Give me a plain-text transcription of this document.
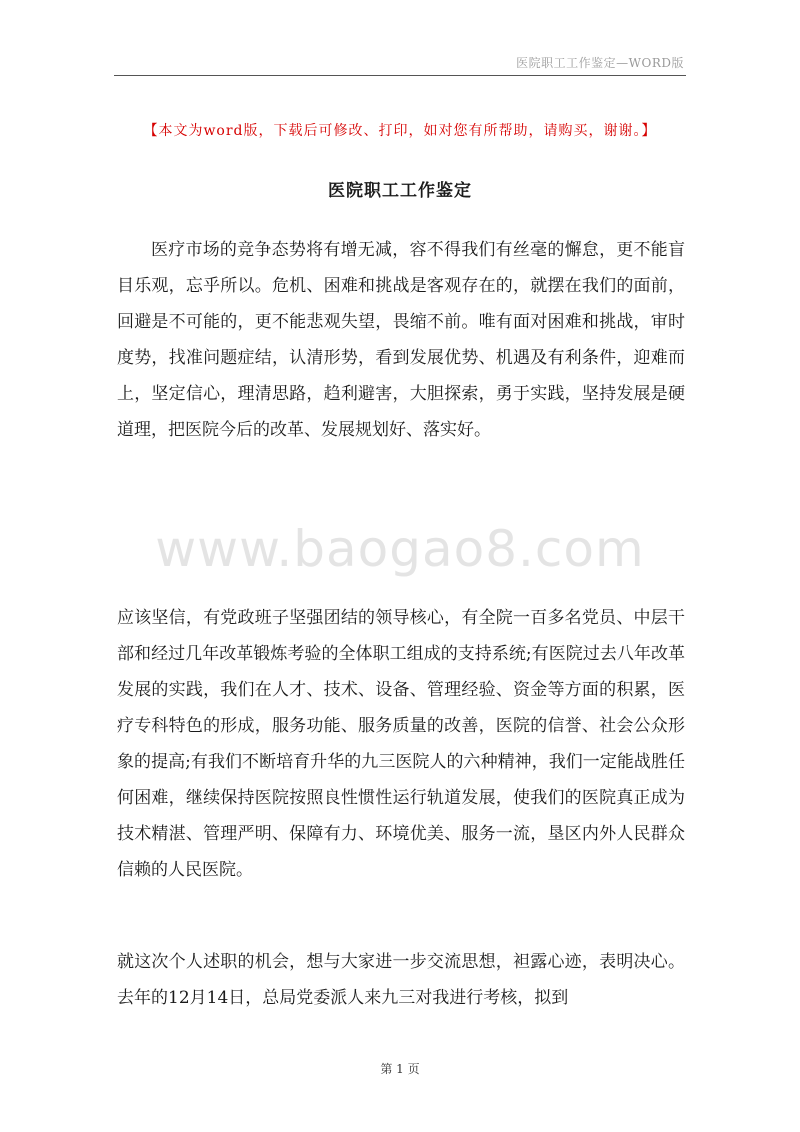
医院职工工作鉴定—WORD版
www.baogao8.com
【本文为word版，下载后可修改、打印，如对您有所帮助，请购买，谢谢。】
医院职工工作鉴定

医疗市场的竞争态势将有增无减，容不得我们有丝毫的懈怠，更不能盲目乐观，忘乎所以。危机、困难和挑战是客观存在的，就摆在我们的面前，回避是不可能的，更不能悲观失望，畏缩不前。唯有面对困难和挑战，审时度势，找准问题症结，认清形势，看到发展优势、机遇及有利条件，迎难而上，坚定信心，理清思路，趋利避害，大胆探索，勇于实践，坚持发展是硬道理，把医院今后的改革、发展规划好、落实好。

应该坚信，有党政班子坚强团结的领导核心，有全院一百多名党员、中层干部和经过几年改革锻炼考验的全体职工组成的支持系统;有医院过去八年改革发展的实践，我们在人才、技术、设备、管理经验、资金等方面的积累，医疗专科特色的形成，服务功能、服务质量的改善，医院的信誉、社会公众形象的提高;有我们不断培育升华的九三医院人的六种精神，我们一定能战胜任何困难，继续保持医院按照良性惯性运行轨道发展，使我们的医院真正成为技术精湛、管理严明、保障有力、环境优美、服务一流，垦区内外人民群众信赖的人民医院。

就这次个人述职的机会，想与大家进一步交流思想，袒露心迹，表明决心。去年的12月14日，总局党委派人来九三对我进行考核，拟到

第 1 页
